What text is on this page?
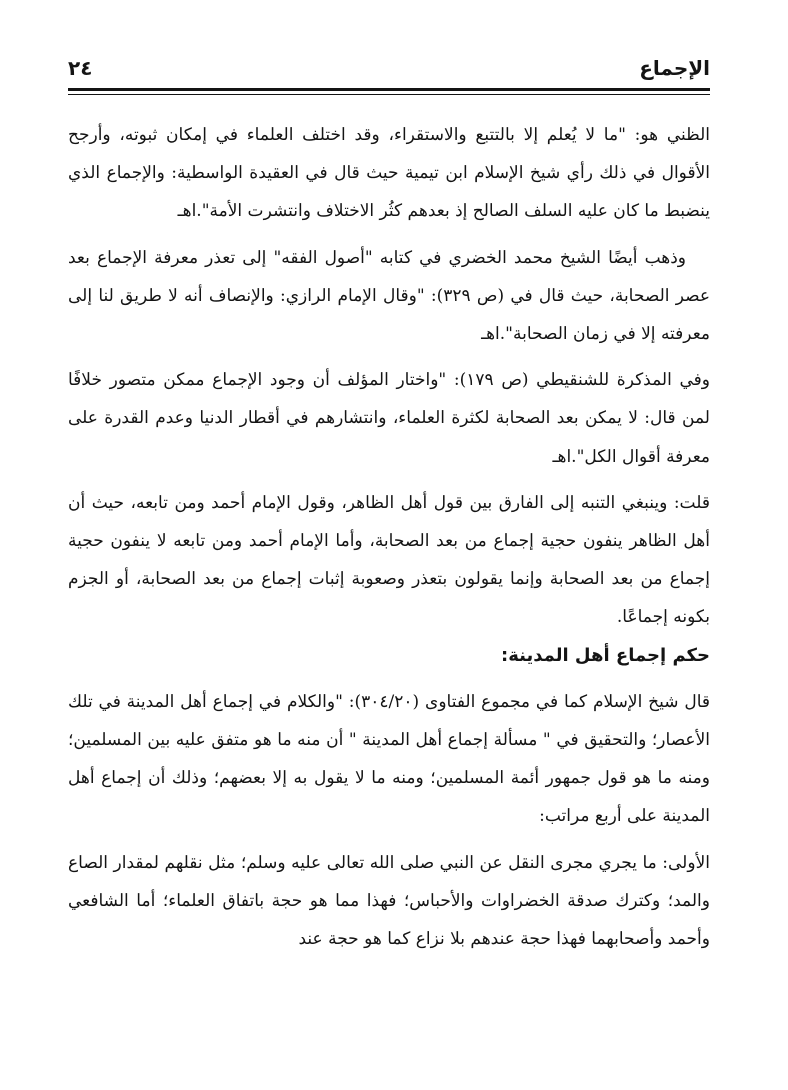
الإجماع
٢٤

الظني هو: "ما لا يُعلم إلا بالتتبع والاستقراء، وقد اختلف العلماء في إمكان ثبوته، وأرجح الأقوال في ذلك رأي شيخ الإسلام ابن تيمية حيث قال في العقيدة الواسطية: والإجماع الذي ينضبط ما كان عليه السلف الصالح إذ بعدهم كثُر الاختلاف وانتشرت الأمة".اهـ

وذهب أيضًا الشيخ محمد الخضري في كتابه "أصول الفقه" إلى تعذر معرفة الإجماع بعد عصر الصحابة، حيث قال في (ص ٣٢٩): "وقال الإمام الرازي: والإنصاف أنه لا طريق لنا إلى معرفته إلا في زمان الصحابة".اهـ

وفي المذكرة للشنقيطي (ص ١٧٩): "واختار المؤلف أن وجود الإجماع ممكن متصور خلافًا لمن قال: لا يمكن بعد الصحابة لكثرة العلماء، وانتشارهم في أقطار الدنيا وعدم القدرة على معرفة أقوال الكل".اهـ

قلت: وينبغي التنبه إلى الفارق بين قول أهل الظاهر، وقول الإمام أحمد ومن تابعه، حيث أن أهل الظاهر ينفون حجية إجماع من بعد الصحابة، وأما الإمام أحمد ومن تابعه لا ينفون حجية إجماع من بعد الصحابة وإنما يقولون بتعذر وصعوبة إثبات إجماع من بعد الصحابة، أو الجزم بكونه إجماعًا.

حكم إجماع أهل المدينة:

قال شيخ الإسلام كما في مجموع الفتاوى (٣٠٤/٢٠): "والكلام في إجماع أهل المدينة في تلك الأعصار؛ والتحقيق في " مسألة إجماع أهل المدينة " أن منه ما هو متفق عليه بين المسلمين؛ ومنه ما هو قول جمهور أئمة المسلمين؛ ومنه ما لا يقول به إلا بعضهم؛ وذلك أن إجماع أهل المدينة على أربع مراتب:

الأولى: ما يجري مجرى النقل عن النبي صلى الله تعالى عليه وسلم؛ مثل نقلهم لمقدار الصاع والمد؛ وكترك صدقة الخضراوات والأحباس؛ فهذا مما هو حجة باتفاق العلماء؛ أما الشافعي وأحمد وأصحابهما فهذا حجة عندهم بلا نزاع كما هو حجة عند
